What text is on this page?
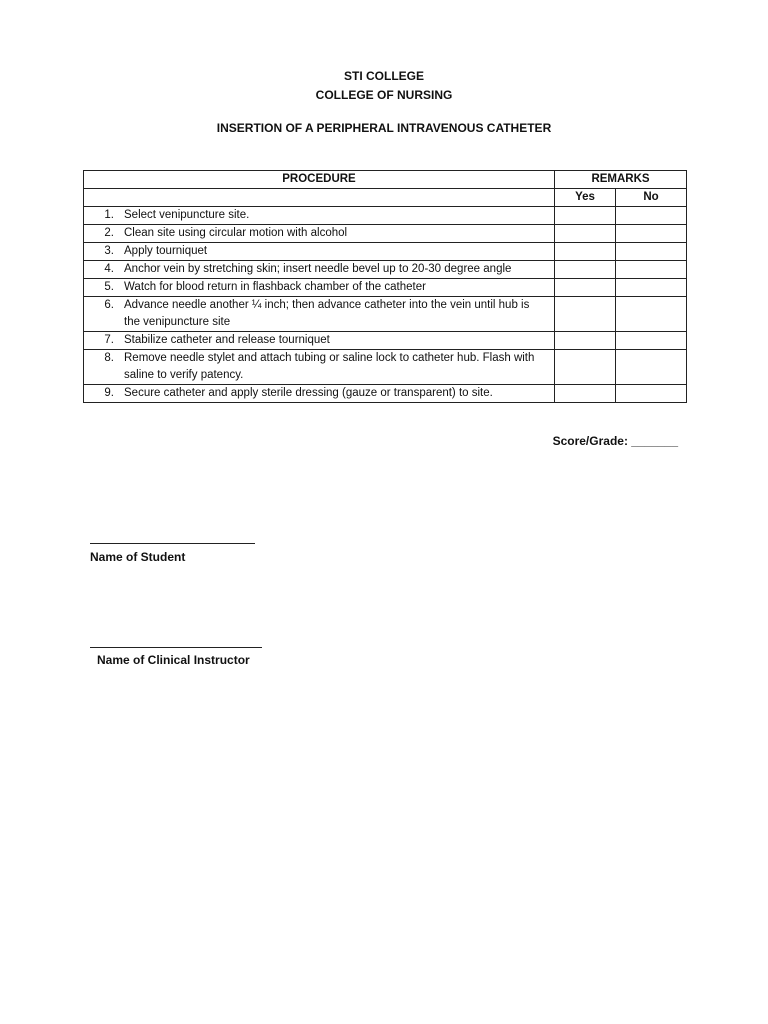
STI COLLEGE
COLLEGE OF NURSING
INSERTION OF A PERIPHERAL INTRAVENOUS CATHETER
PROCEDURE	REMARKS	
	Yes	No

1. Select venipuncture site.		

2. Clean site using circular motion with alcohol		

3. Apply tourniquet		

4. Anchor vein by stretching skin; insert needle bevel up to 20-30 degree angle		

5. Watch for blood return in flashback chamber of the catheter		

6. Advance needle another ¼ inch; then advance catheter into the vein until hub is the venipuncture site		

7. Stabilize catheter and release tourniquet		

8. Remove needle stylet and attach tubing or saline lock to catheter hub. Flash with saline to verify patency.		

9. Secure catheter and apply sterile dressing (gauze or transparent) to site.		

Score/Grade: _______
Name of Student
Name of Clinical Instructor
